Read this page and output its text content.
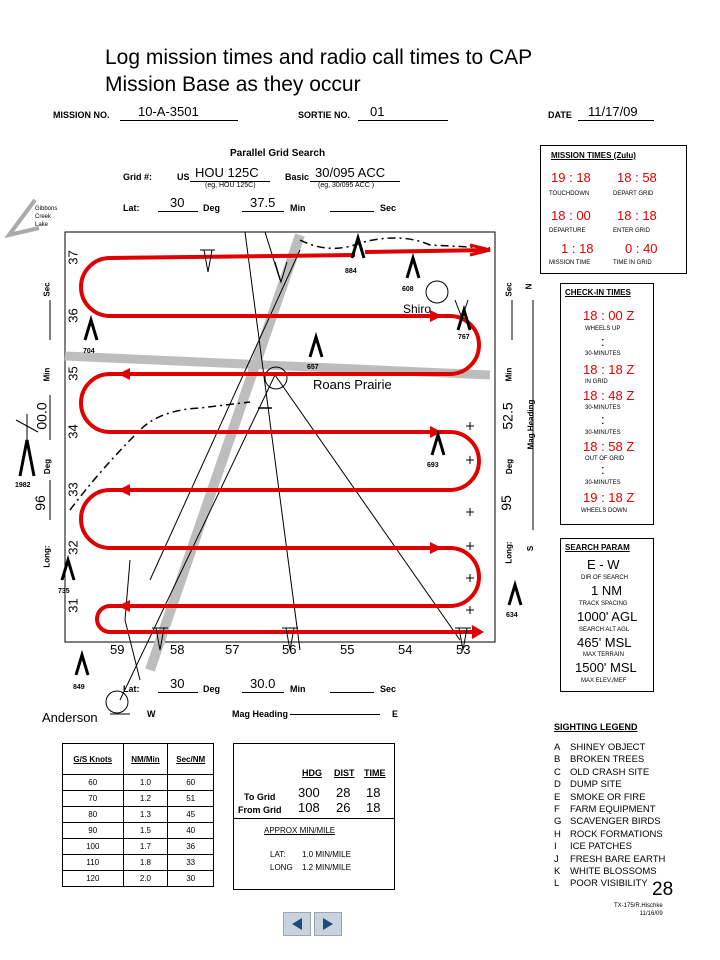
Log mission times and radio call times to CAP
Mission Base as they occur
MISSION NO. 10-A-3501	SORTIE NO. 01	DATE 11/17/09
Parallel Grid Search
Grid #:	US HOU 125C
(eg, HOU 125C)
Basic 30/095 ACC
(eg, 30/095 ACC )
Lat: 30 Deg 37.5 Min	Sec
Gibbons
Creek
Lake
37
36
35
34
33
32
31
59	58	57	56	55	54	53
884
608
767
704
657
693
1982
735
634
849
Shiro
Roans Prairie
Anderson
Sec
Min
00.0
Deg
96
Long:
Sec N
Min
52.5
Deg
95
Long:
Mag Heading
S
Lat: 30 Deg 30.0 Min	Sec
W	Mag Heading	E
MISSION TIMES (Zulu)
19 : 18
TOUCHDOWN
18 : 58
DEPART GRID
18 : 00
DEPARTURE
18 : 18
ENTER GRID
1 : 18
MISSION TIME
0 : 40
TIME IN GRID
CHECK-IN TIMES
18 : 00 Z
WHEELS UP
:
30-MINUTES
18 : 18 Z
IN GRID
18 : 48 Z
30-MINUTES
:
30-MINUTES
18 : 58 Z
OUT OF GRID
:
30-MINUTES
19 : 18 Z
WHEELS DOWN
SEARCH PARAM
E - W
DIR OF SEARCH
1 NM
TRACK SPACING
1000' AGL
SEARCH ALT AGL
465' MSL
MAX TERRAIN
1500' MSL
MAX ELEV./MEF
G/S Knots	NM/Min	Sec/NM
60	1.0	60
70	1.2	51
80	1.3	45
90	1.5	40
100	1.7	36
110	1.8	33
120	2.0	30
HDG DIST TIME
To Grid 300 28 18
From Grid 108 26 18
APPROX MIN/MILE
LAT: 1.0 MIN/MILE
LONG 1.2 MIN/MILE
SIGHTING LEGEND
A SHINEY OBJECT
B BROKEN TREES
C OLD CRASH SITE
D DUMP SITE
E SMOKE OR FIRE
F FARM EQUIPMENT
G SCAVENGER BIRDS
H ROCK FORMATIONS
I ICE PATCHES
J FRESH BARE EARTH
K WHITE BLOSSOMS
L POOR VISIBILITY 28
TX-175/R.Hischke
11/16/09
